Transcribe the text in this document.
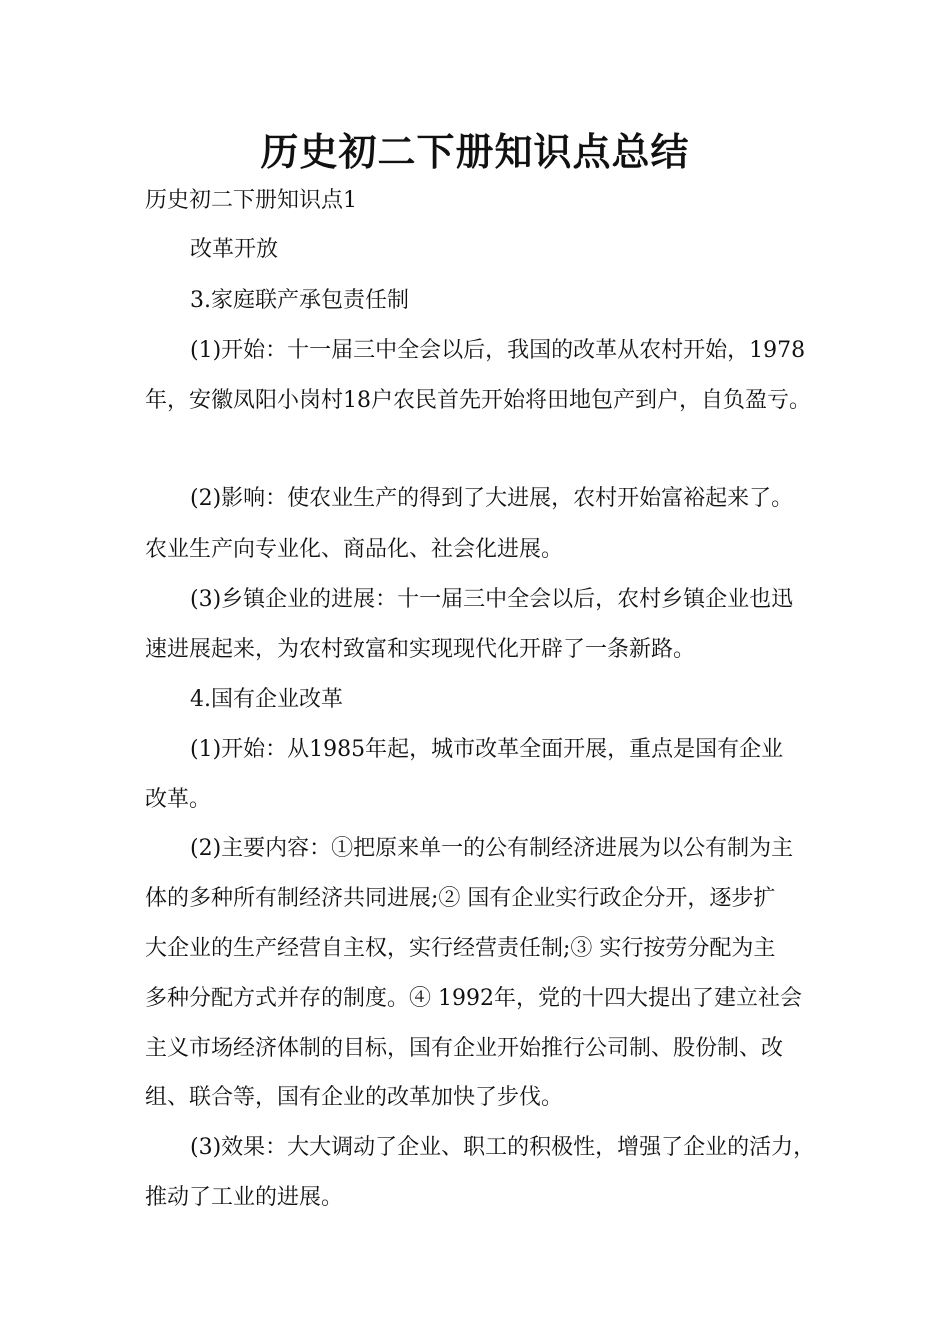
历史初二下册知识点总结
历史初二下册知识点1
改革开放
3.家庭联产承包责任制
(1)开始：十一届三中全会以后，我国的改革从农村开始，1978
年，安徽凤阳小岗村18户农民首先开始将田地包产到户，自负盈亏。
(2)影响：使农业生产的得到了大进展，农村开始富裕起来了。
农业生产向专业化、商品化、社会化进展。
(3)乡镇企业的进展：十一届三中全会以后，农村乡镇企业也迅
速进展起来，为农村致富和实现现代化开辟了一条新路。
4.国有企业改革
(1)开始：从1985年起，城市改革全面开展，重点是国有企业
改革。
(2)主要内容：①把原来单一的公有制经济进展为以公有制为主
体的多种所有制经济共同进展;② 国有企业实行政企分开，逐步扩
大企业的生产经营自主权，实行经营责任制;③ 实行按劳分配为主
多种分配方式并存的制度。④ 1992年，党的十四大提出了建立社会
主义市场经济体制的目标，国有企业开始推行公司制、股份制、改
组、联合等，国有企业的改革加快了步伐。
(3)效果：大大调动了企业、职工的积极性，增强了企业的活力，
推动了工业的进展。
